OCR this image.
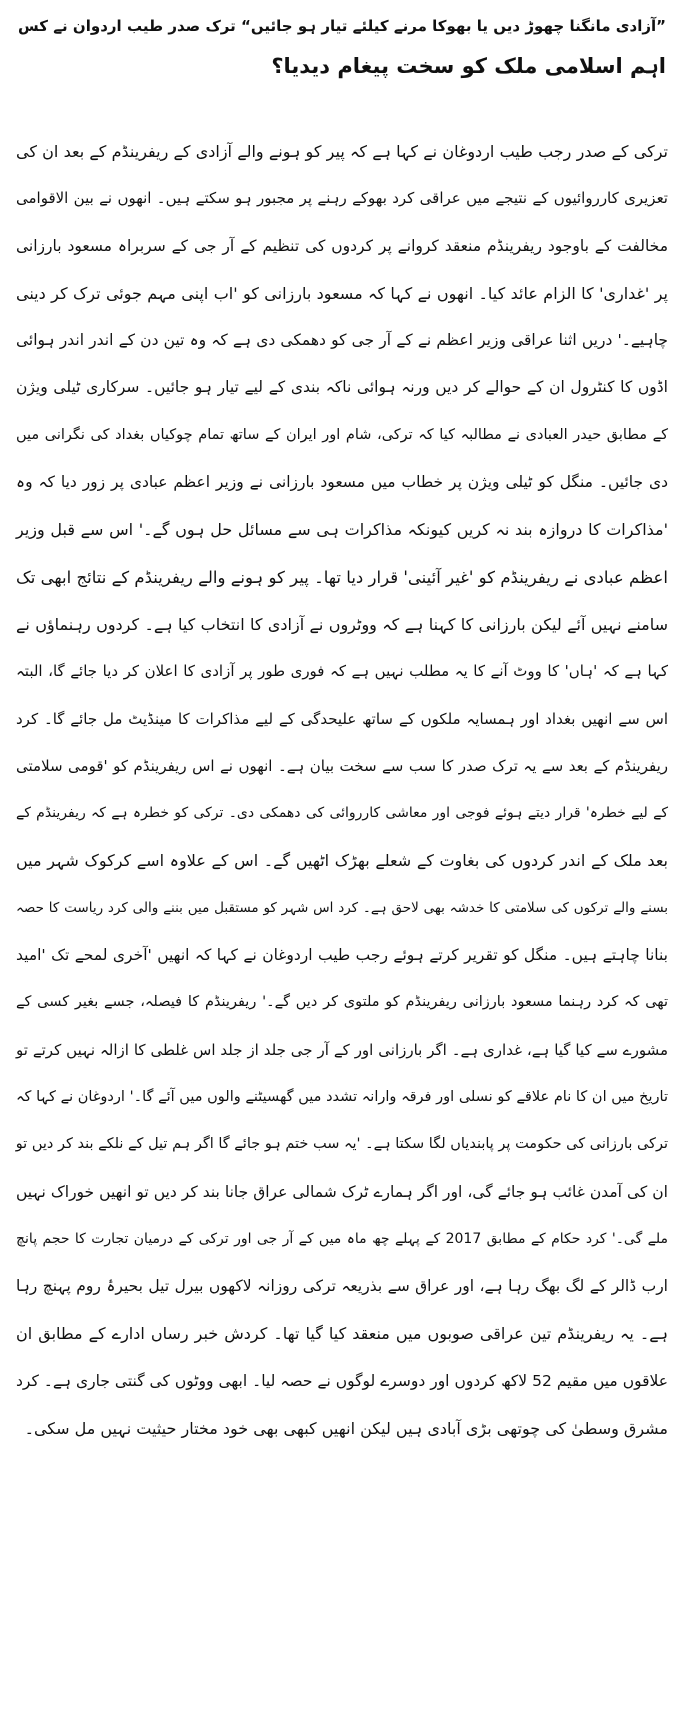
”آزادی مانگنا چھوڑ دیں یا بھوکا مرنے کیلئے تیار ہو جائیں“ ترک صدر طیب اردوان نے کس
اہم اسلامی ملک کو سخت پیغام دیدیا؟
ترکی کے صدر رجب طیب اردوغان نے کہا ہے کہ پیر کو ہونے والے آزادی کے ریفرینڈم کے بعد ان کی
تعزیری کارروائیوں کے نتیجے میں عراقی کرد بھوکے رہنے پر مجبور ہو سکتے ہیں۔ انھوں نے بین الاقوامی
مخالفت کے باوجود ریفرینڈم منعقد کروانے پر کردوں کی تنظیم کے آر جی کے سربراہ مسعود بارزانی
پر 'غداری' کا الزام عائد کیا۔ انھوں نے کہا کہ مسعود بارزانی کو 'اب اپنی مہم جوئی ترک کر دینی
چاہیے۔' دریں اثنا عراقی وزیر اعظم نے کے آر جی کو دھمکی دی ہے کہ وہ تین دن کے اندر اندر ہوائی
اڈوں کا کنٹرول ان کے حوالے کر دیں ورنہ ہوائی ناکہ بندی کے لیے تیار ہو جائیں۔ سرکاری ٹیلی ویژن
کے مطابق حیدر العبادی نے مطالبہ کیا کہ ترکی، شام اور ایران کے ساتھ تمام چوکیاں بغداد کی نگرانی میں
دی جائیں۔ منگل کو ٹیلی ویژن پر خطاب میں مسعود بارزانی نے وزیر اعظم عبادی پر زور دیا کہ وہ
'مذاکرات کا دروازہ بند نہ کریں کیونکہ مذاکرات ہی سے مسائل حل ہوں گے۔' اس سے قبل وزیر
اعظم عبادی نے ریفرینڈم کو 'غیر آئینی' قرار دیا تھا۔ پیر کو ہونے والے ریفرینڈم کے نتائج ابھی تک
سامنے نہیں آئے لیکن بارزانی کا کہنا ہے کہ ووٹروں نے آزادی کا انتخاب کیا ہے۔ کردوں رہنماؤں نے
کہا ہے کہ 'ہاں' کا ووٹ آنے کا یہ مطلب نہیں ہے کہ فوری طور پر آزادی کا اعلان کر دیا جائے گا، البتہ
اس سے انھیں بغداد اور ہمسایہ ملکوں کے ساتھ علیحدگی کے لیے مذاکرات کا مینڈیٹ مل جائے گا۔ کرد
ریفرینڈم کے بعد سے یہ ترک صدر کا سب سے سخت بیان ہے۔ انھوں نے اس ریفرینڈم کو 'قومی سلامتی
کے لیے خطرہ' قرار دیتے ہوئے فوجی اور معاشی کارروائی کی دھمکی دی۔ ترکی کو خطرہ ہے کہ ریفرینڈم کے
بعد ملک کے اندر کردوں کی بغاوت کے شعلے بھڑک اٹھیں گے۔ اس کے علاوہ اسے کرکوک شہر میں
بسنے والے ترکوں کی سلامتی کا خدشہ بھی لاحق ہے۔ کرد اس شہر کو مستقبل میں بننے والی کرد ریاست کا حصہ
بنانا چاہتے ہیں۔ منگل کو تقریر کرتے ہوئے رجب طیب اردوغان نے کہا کہ انھیں 'آخری لمحے تک 'امید
تھی کہ کرد رہنما مسعود بارزانی ریفرینڈم کو ملتوی کر دیں گے۔' ریفرینڈم کا فیصلہ، جسے بغیر کسی کے
مشورے سے کیا گیا ہے، غداری ہے۔ اگر بارزانی اور کے آر جی جلد از جلد اس غلطی کا ازالہ نہیں کرتے تو
تاریخ میں ان کا نام علاقے کو نسلی اور فرقہ وارانہ تشدد میں گھسیٹنے والوں میں آئے گا۔' اردوغان نے کہا کہ
ترکی بارزانی کی حکومت پر پابندیاں لگا سکتا ہے۔ 'یہ سب ختم ہو جائے گا اگر ہم تیل کے نلکے بند کر دیں تو
ان کی آمدن غائب ہو جائے گی، اور اگر ہمارے ٹرک شمالی عراق جانا بند کر دیں تو انھیں خوراک نہیں
ملے گی۔' کرد حکام کے مطابق 2017 کے پہلے چھ ماہ میں کے آر جی اور ترکی کے درمیان تجارت کا حجم پانچ
ارب ڈالر کے لگ بھگ رہا ہے، اور عراق سے بذریعہ ترکی روزانہ لاکھوں بیرل تیل بحیرۂ روم پہنچ رہا
ہے۔ یہ ریفرینڈم تین عراقی صوبوں میں منعقد کیا گیا تھا۔ کردش خبر رساں ادارے کے مطابق ان
علاقوں میں مقیم 52 لاکھ کردوں اور دوسرے لوگوں نے حصہ لیا۔ ابھی ووٹوں کی گنتی جاری ہے۔ کرد
مشرق وسطیٰ کی چوتھی بڑی آبادی ہیں لیکن انھیں کبھی بھی خود مختار حیثیت نہیں مل سکی۔
